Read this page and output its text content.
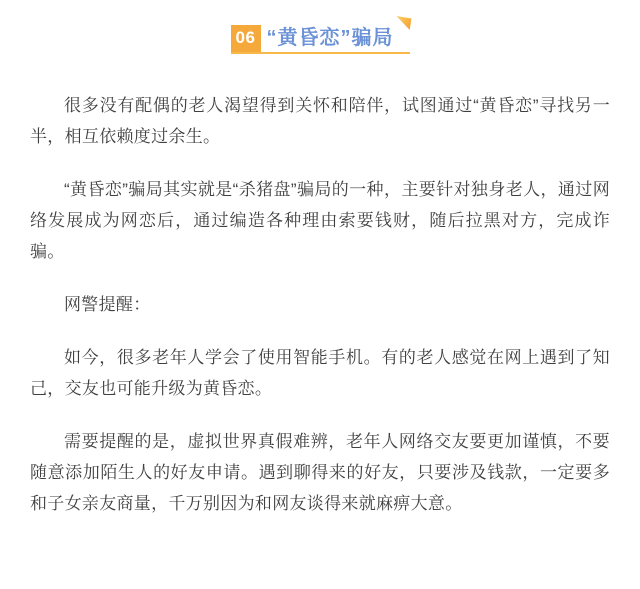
06 “黄昏恋”骗局

很多没有配偶的老人渴望得到关怀和陪伴，试图通过“黄昏恋”寻找另一半，相互依赖度过余生。

“黄昏恋”骗局其实就是“杀猪盘”骗局的一种，主要针对独身老人，通过网络发展成为网恋后，通过编造各种理由索要钱财，随后拉黑对方，完成诈骗。

网警提醒：

如今，很多老年人学会了使用智能手机。有的老人感觉在网上遇到了知己，交友也可能升级为黄昏恋。

需要提醒的是，虚拟世界真假难辨，老年人网络交友要更加谨慎，不要随意添加陌生人的好友申请。遇到聊得来的好友，只要涉及钱款，一定要多和子女亲友商量，千万别因为和网友谈得来就麻痹大意。
